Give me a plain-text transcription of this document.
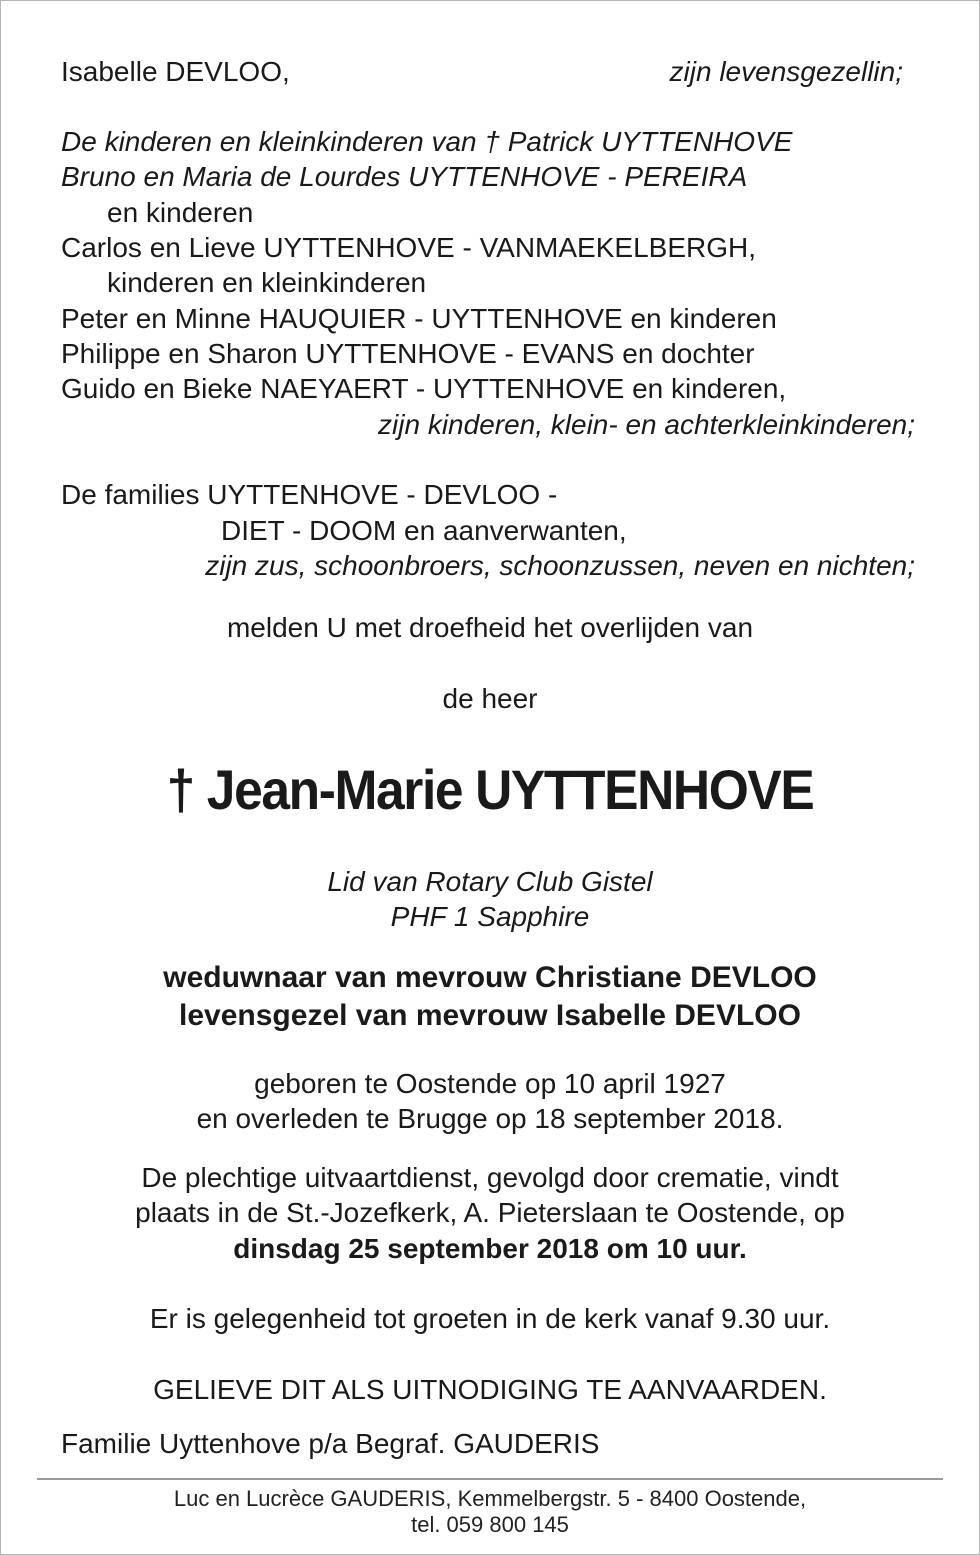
Isabelle DEVLOO,	zijn levensgezellin;
De kinderen en kleinkinderen van † Patrick UYTTENHOVE
Bruno en Maria de Lourdes UYTTENHOVE - PEREIRA
en kinderen
Carlos en Lieve UYTTENHOVE - VANMAEKELBERGH,
kinderen en kleinkinderen
Peter en Minne HAUQUIER - UYTTENHOVE en kinderen
Philippe en Sharon UYTTENHOVE - EVANS en dochter
Guido en Bieke NAEYAERT - UYTTENHOVE en kinderen,
zijn kinderen, klein- en achterkleinkinderen;
De families UYTTENHOVE - DEVLOO -
DIET - DOOM en aanverwanten,
zijn zus, schoonbroers, schoonzussen, neven en nichten;
melden U met droefheid het overlijden van
de heer
† Jean-Marie UYTTENHOVE
Lid van Rotary Club Gistel
PHF 1 Sapphire
weduwnaar van mevrouw Christiane DEVLOO
levensgezel van mevrouw Isabelle DEVLOO
geboren te Oostende op 10 april 1927
en overleden te Brugge op 18 september 2018.
De plechtige uitvaartdienst, gevolgd door crematie, vindt
plaats in de St.-Jozefkerk, A. Pieterslaan te Oostende, op
dinsdag 25 september 2018 om 10 uur.
Er is gelegenheid tot groeten in de kerk vanaf 9.30 uur.
GELIEVE DIT ALS UITNODIGING TE AANVAARDEN.
Familie Uyttenhove p/a Begraf. GAUDERIS
Luc en Lucrèce GAUDERIS, Kemmelbergstr. 5 - 8400 Oostende,
tel. 059 800 145
